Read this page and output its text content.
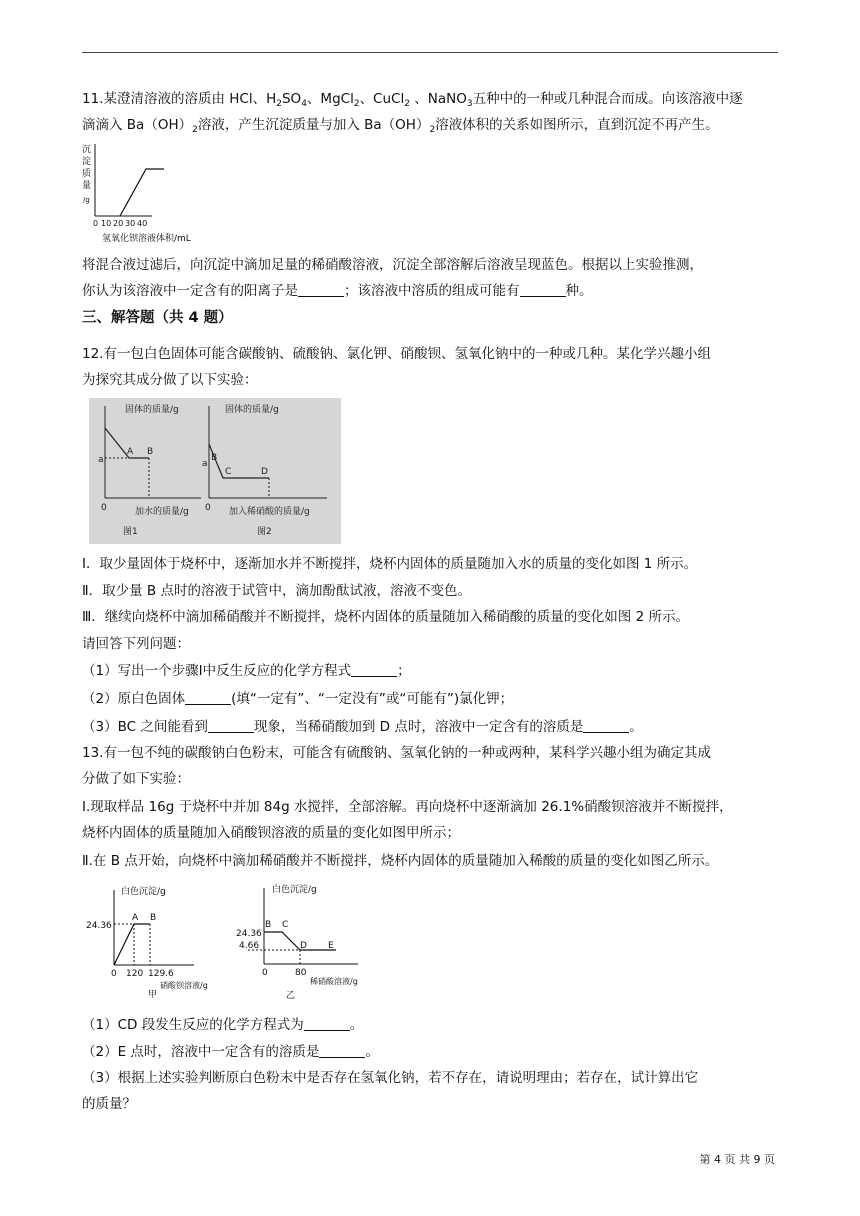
11.某澄清溶液的溶质由 HCl、$H_2SO_4$、MgCl$_2$、CuCl$_2$ 、NaNO$_3$五种中的一种或几种混合而成。向该溶液中逐
滴滴入 $Ba(OH)_2$溶液，产生沉淀质量与加入 $Ba(OH)_2$溶液体积的关系如图所示，直到沉淀不再产生。
沉
淀
质
量
/g
0 10 20 30 40
氢氧化钡溶液体积/mL
将混合液过滤后，向沉淀中滴加足量的稀硝酸溶液，沉淀全部溶解后溶液呈现蓝色。根据以上实验推测，
你认为该溶液中一定含有的阳离子是	；该溶液中溶质的组成可能有	种。
三、解答题（共 4 题）
12.有一包白色固体可能含碳酸钠、硫酸钠、氯化钾、硝酸钡、氢氧化钠中的一种或几种。某化学兴趣小组
为探究其成分做了以下实验：
固体的质量/g
a
A B
0	加水的质量/g
图1
固体的质量/g
B
a
C	D
0 加入稀硝酸的质量/g
图2
Ⅰ．取少量固体于烧杯中，逐渐加水并不断搅拌，烧杯内固体的质量随加入水的质量的变化如图 1 所示。
Ⅱ．取少量 B 点时的溶液于试管中，滴加酚酞试液，溶液不变色。
Ⅲ．继续向烧杯中滴加稀硝酸并不断搅拌，烧杯内固体的质量随加入稀硝酸的质量的变化如图 2 所示。
请回答下列问题：
（1）写出一个步骤Ⅰ中反生反应的化学方程式	；
（2）原白色固体	(填“一定有”、“一定没有”或“可能有”)氯化钾；
（3）BC 之间能看到	现象，当稀硝酸加到 D 点时，溶液中一定含有的溶质是	。
13.有一包不纯的碳酸钠白色粉末，可能含有硫酸钠、氢氧化钠的一种或两种，某科学兴趣小组为确定其成
分做了如下实验：
Ⅰ.现取样品 16g 于烧杯中并加 84g 水搅拌，全部溶解。再向烧杯中逐渐滴加 26.1%硝酸钡溶液并不断搅拌，
烧杯内固体的质量随加入硝酸钡溶液的质量的变化如图甲所示；
Ⅱ.在 B 点开始，向烧杯中滴加稀硝酸并不断搅拌，烧杯内固体的质量随加入稀酸的质量的变化如图乙所示。
白色沉淀/g
24.36
A B
0 120 129.6
硝酸钡溶液/g
甲
白色沉淀/g
24.36
4.66
B C
D E
0	80
稀硝酸溶液/g
乙
（1）CD 段发生反应的化学方程式为	。
（2）E 点时，溶液中一定含有的溶质是	。
（3）根据上述实验判断原白色粉末中是否存在氢氧化钠，若不存在，请说明理由；若存在，试计算出它
的质量？
第 4 页 共 9 页
